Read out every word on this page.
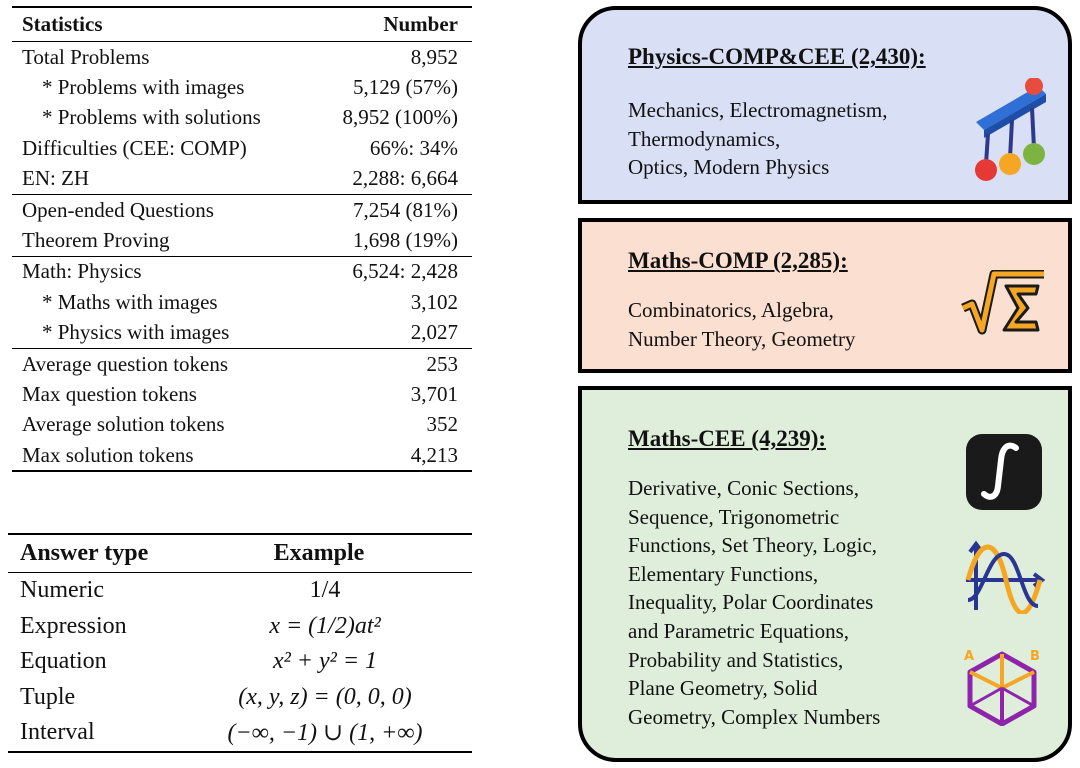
Statistics	Number
Total Problems	8,952
* Problems with images	5,129 (57%)
* Problems with solutions	8,952 (100%)
Difficulties (CEE: COMP)	66%: 34%
EN: ZH	2,288: 6,664
Open-ended Questions	7,254 (81%)
Theorem Proving	1,698 (19%)
Math: Physics	6,524: 2,428
* Maths with images	3,102
* Physics with images	2,027
Average question tokens	253
Max question tokens	3,701
Average solution tokens	352
Max solution tokens	4,213
Answer type	Example
Numeric	1/4
Expression	x = (1/2)at²
Equation	x² + y² = 1
Tuple	(x, y, z) = (0, 0, 0)
Interval	(−∞, −1) ∪ (1, +∞)
Physics-COMP&CEE (2,430):
Mechanics, Electromagnetism,
Thermodynamics,
Optics, Modern Physics
Maths-COMP (2,285):
Combinatorics, Algebra,
Number Theory, Geometry
Maths-CEE (4,239):
Derivative, Conic Sections,
Sequence, Trigonometric
Functions, Set Theory, Logic,
Elementary Functions,
Inequality, Polar Coordinates
and Parametric Equations,
Probability and Statistics,
Plane Geometry, Solid
Geometry, Complex Numbers
A	B
